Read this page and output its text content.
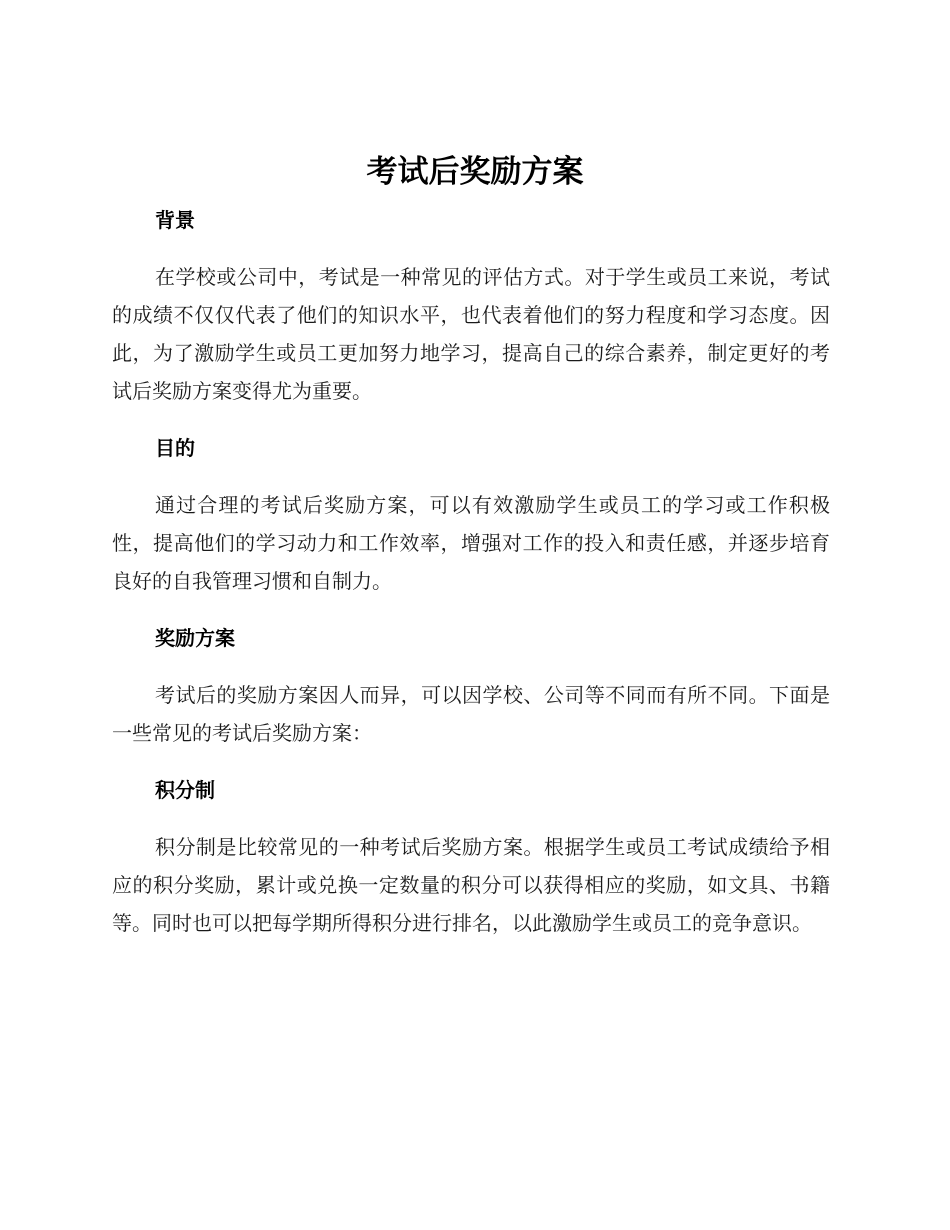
考试后奖励方案
背景

在学校或公司中，考试是一种常见的评估方式。对于学生或员工来说，考试的成绩不仅仅代表了他们的知识水平，也代表着他们的努力程度和学习态度。因此，为了激励学生或员工更加努力地学习，提高自己的综合素养，制定更好的考试后奖励方案变得尤为重要。

目的

通过合理的考试后奖励方案，可以有效激励学生或员工的学习或工作积极性，提高他们的学习动力和工作效率，增强对工作的投入和责任感，并逐步培育良好的自我管理习惯和自制力。

奖励方案

考试后的奖励方案因人而异，可以因学校、公司等不同而有所不同。下面是一些常见的考试后奖励方案：

积分制

积分制是比较常见的一种考试后奖励方案。根据学生或员工考试成绩给予相应的积分奖励，累计或兑换一定数量的积分可以获得相应的奖励，如文具、书籍等。同时也可以把每学期所得积分进行排名，以此激励学生或员工的竞争意识。
